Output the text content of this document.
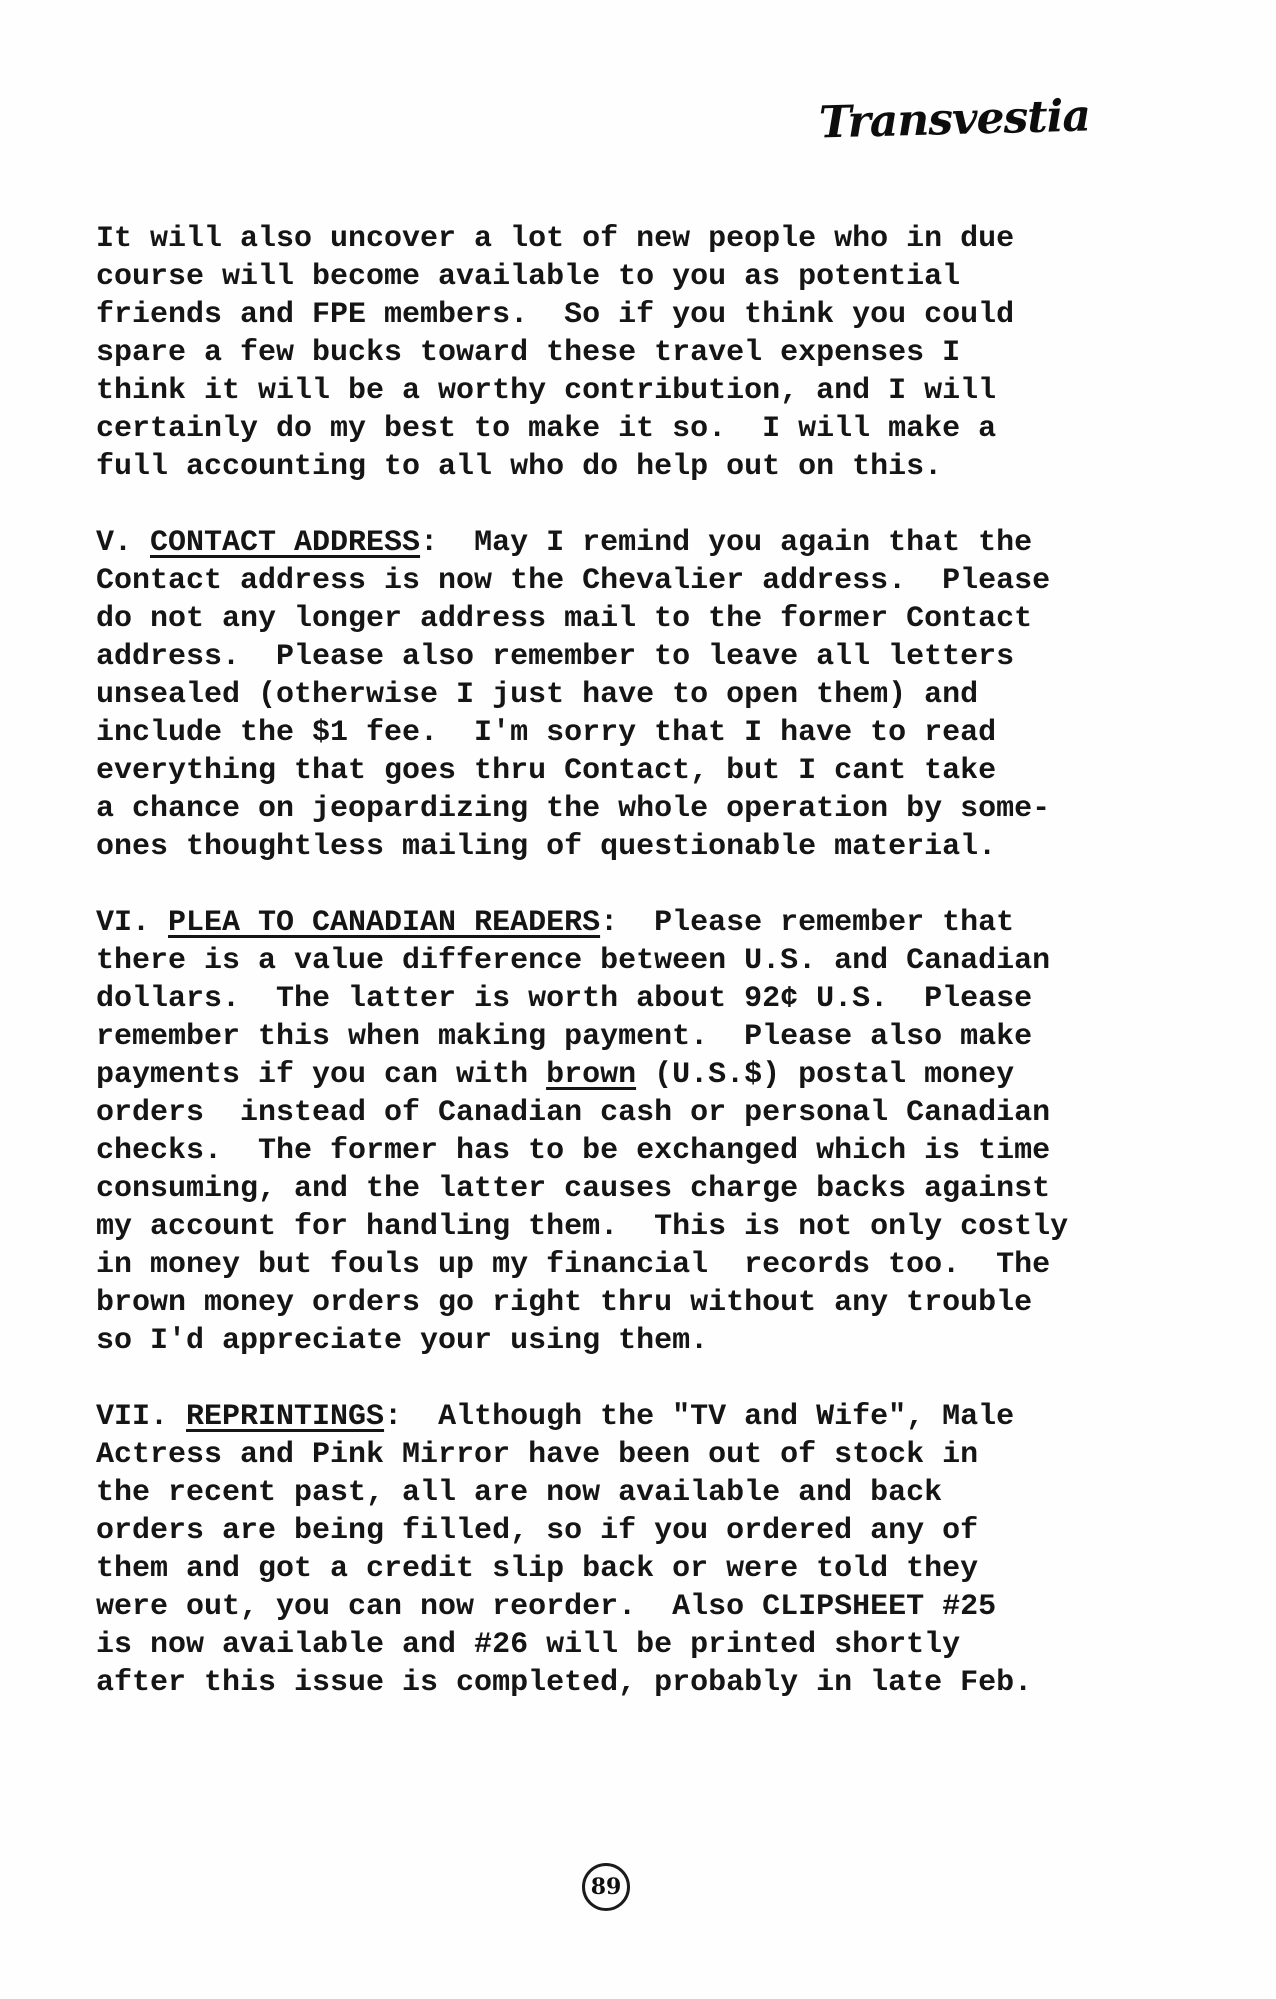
Transvestia
It will also uncover a lot of new people who in due
course will become available to you as potential
friends and FPE members.  So if you think you could
spare a few bucks toward these travel expenses I
think it will be a worthy contribution, and I will
certainly do my best to make it so.  I will make a
full accounting to all who do help out on this.
V. CONTACT ADDRESS:  May I remind you again that the
Contact address is now the Chevalier address.  Please
do not any longer address mail to the former Contact
address.  Please also remember to leave all letters
unsealed (otherwise I just have to open them) and
include the $1 fee.  I'm sorry that I have to read
everything that goes thru Contact, but I cant take
a chance on jeopardizing the whole operation by some-
ones thoughtless mailing of questionable material.
VI. PLEA TO CANADIAN READERS:  Please remember that
there is a value difference between U.S. and Canadian
dollars.  The latter is worth about 92¢ U.S.  Please
remember this when making payment.  Please also make
payments if you can with brown (U.S.$) postal money
orders  instead of Canadian cash or personal Canadian
checks.  The former has to be exchanged which is time
consuming, and the latter causes charge backs against
my account for handling them.  This is not only costly
in money but fouls up my financial  records too.  The
brown money orders go right thru without any trouble
so I'd appreciate your using them.
VII. REPRINTINGS:  Although the "TV and Wife", Male
Actress and Pink Mirror have been out of stock in
the recent past, all are now available and back
orders are being filled, so if you ordered any of
them and got a credit slip back or were told they
were out, you can now reorder.  Also CLIPSHEET #25
is now available and #26 will be printed shortly
after this issue is completed, probably in late Feb.
89
